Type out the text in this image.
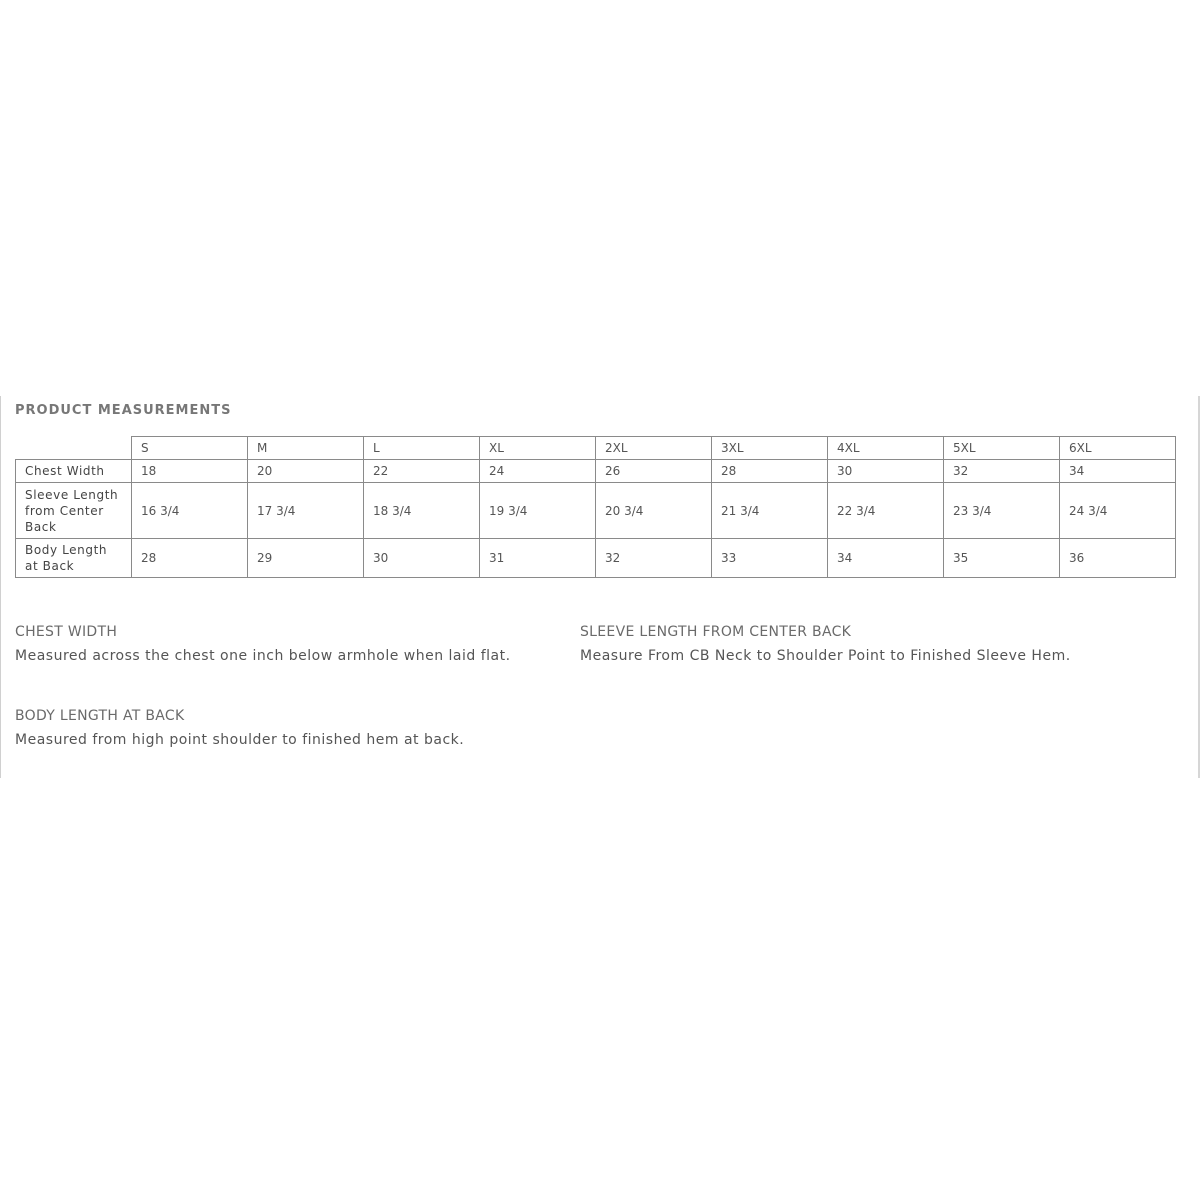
PRODUCT MEASUREMENTS
	S	M	L	XL	2XL	3XL	4XL	5XL	6XL
Chest Width	18	20	22	24	26	28	30	32	34
Sleeve Length from Center Back	16 3/4	17 3/4	18 3/4	19 3/4	20 3/4	21 3/4	22 3/4	23 3/4	24 3/4
Body Length at Back	28	29	30	31	32	33	34	35	36
CHEST WIDTH
Measured across the chest one inch below armhole when laid flat.
SLEEVE LENGTH FROM CENTER BACK
Measure From CB Neck to Shoulder Point to Finished Sleeve Hem.
BODY LENGTH AT BACK
Measured from high point shoulder to finished hem at back.
